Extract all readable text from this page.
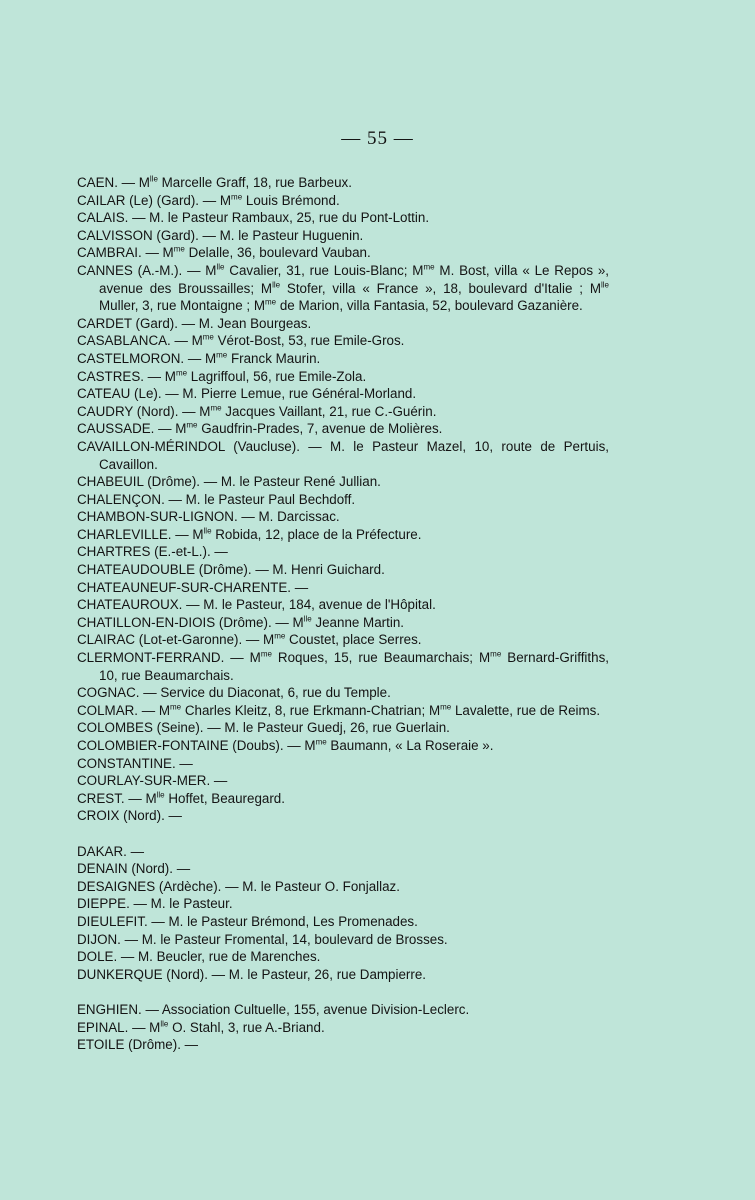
— 55 —
CAEN. — $M^{lle}$ Marcelle Graff, 18, rue Barbeux.
CAILAR (Le) (Gard). — $M^{me}$ Louis Brémond.
CALAIS. — M. le Pasteur Rambaux, 25, rue du Pont-Lottin.
CALVISSON (Gard). — M. le Pasteur Huguenin.
CAMBRAI. — $M^{me}$ Delalle, 36, boulevard Vauban.
CANNES (A.-M.). — $M^{lle}$ Cavalier, 31, rue Louis-Blanc; $M^{me}$ M. Bost, villa « Le Repos », avenue des Broussailles; $M^{lle}$ Stofer, villa « France », 18, boulevard d'Italie ; $M^{lle}$ Muller, 3, rue Montaigne ; $M^{me}$ de Marion, villa Fantasia, 52, boulevard Gazanière.
CARDET (Gard). — M. Jean Bourgeas.
CASABLANCA. — $M^{me}$ Vérot-Bost, 53, rue Emile-Gros.
CASTELMORON. — $M^{me}$ Franck Maurin.
CASTRES. — $M^{me}$ Lagriffoul, 56, rue Emile-Zola.
CATEAU (Le). — M. Pierre Lemue, rue Général-Morland.
CAUDRY (Nord). — $M^{me}$ Jacques Vaillant, 21, rue C.-Guérin.
CAUSSADE. — $M^{me}$ Gaudfrin-Prades, 7, avenue de Molières.
CAVAILLON-MÉRINDOL (Vaucluse). — M. le Pasteur Mazel, 10, route de Pertuis, Cavaillon.
CHABEUIL (Drôme). — M. le Pasteur René Jullian.
CHALENÇON. — M. le Pasteur Paul Bechdoff.
CHAMBON-SUR-LIGNON. — M. Darcissac.
CHARLEVILLE. — $M^{lle}$ Robida, 12, place de la Préfecture.
CHARTRES (E.-et-L.). —
CHATEAUDOUBLE (Drôme). — M. Henri Guichard.
CHATEAUNEUF-SUR-CHARENTE. —
CHATEAUROUX. — M. le Pasteur, 184, avenue de l'Hôpital.
CHATILLON-EN-DIOIS (Drôme). — $M^{lle}$ Jeanne Martin.
CLAIRAC (Lot-et-Garonne). — $M^{me}$ Coustet, place Serres.
CLERMONT-FERRAND. — $M^{me}$ Roques, 15, rue Beaumarchais; $M^{me}$ Bernard-Griffiths, 10, rue Beaumarchais.
COGNAC. — Service du Diaconat, 6, rue du Temple.
COLMAR. — $M^{me}$ Charles Kleitz, 8, rue Erkmann-Chatrian; $M^{me}$ Lavalette, rue de Reims.
COLOMBES (Seine). — M. le Pasteur Guedj, 26, rue Guerlain.
COLOMBIER-FONTAINE (Doubs). — $M^{me}$ Baumann, « La Roseraie ».
CONSTANTINE. —
COURLAY-SUR-MER. —
CREST. — $M^{lle}$ Hoffet, Beauregard.
CROIX (Nord). —
DAKAR. —
DENAIN (Nord). —
DESAIGNES (Ardèche). — M. le Pasteur O. Fonjallaz.
DIEPPE. — M. le Pasteur.
DIEULEFIT. — M. le Pasteur Brémond, Les Promenades.
DIJON. — M. le Pasteur Fromental, 14, boulevard de Brosses.
DOLE. — M. Beucler, rue de Marenches.
DUNKERQUE (Nord). — M. le Pasteur, 26, rue Dampierre.
ENGHIEN. — Association Cultuelle, 155, avenue Division-Leclerc.
EPINAL. — $M^{lle}$ O. Stahl, 3, rue A.-Briand.
ETOILE (Drôme). —
